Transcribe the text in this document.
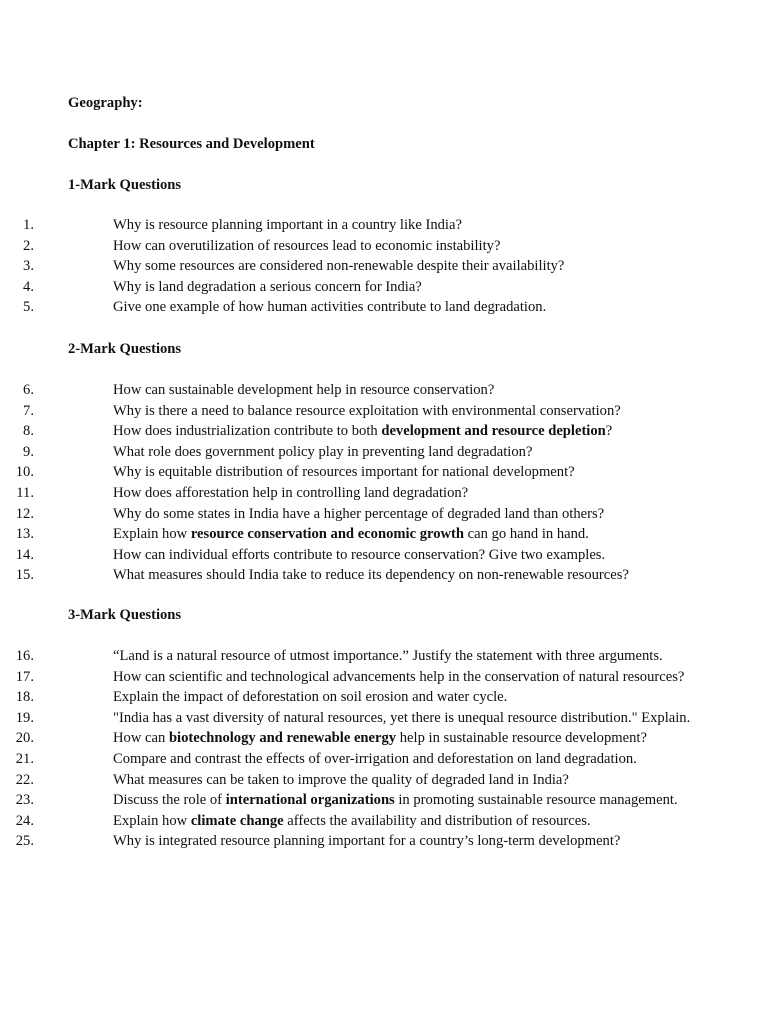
Geography:
Chapter 1: Resources and Development
1-Mark Questions
1.	Why is resource planning important in a country like India?
2.	How can overutilization of resources lead to economic instability?
3.	Why some resources are considered non-renewable despite their availability?
4.	Why is land degradation a serious concern for India?
5.	Give one example of how human activities contribute to land degradation.
2-Mark Questions
6.	How can sustainable development help in resource conservation?
7.	Why is there a need to balance resource exploitation with environmental conservation?
8.	How does industrialization contribute to both development and resource depletion?
9.	What role does government policy play in preventing land degradation?
10.	Why is equitable distribution of resources important for national development?
11.	How does afforestation help in controlling land degradation?
12.	Why do some states in India have a higher percentage of degraded land than others?
13.	Explain how resource conservation and economic growth can go hand in hand.
14.	How can individual efforts contribute to resource conservation? Give two examples.
15.	What measures should India take to reduce its dependency on non-renewable resources?
3-Mark Questions
16.	“Land is a natural resource of utmost importance.” Justify the statement with three arguments.
17.	How can scientific and technological advancements help in the conservation of natural resources?
18.	Explain the impact of deforestation on soil erosion and water cycle.
19.	"India has a vast diversity of natural resources, yet there is unequal resource distribution." Explain.
20.	How can biotechnology and renewable energy help in sustainable resource development?
21.	Compare and contrast the effects of over-irrigation and deforestation on land degradation.
22.	What measures can be taken to improve the quality of degraded land in India?
23.	Discuss the role of international organizations in promoting sustainable resource management.
24.	Explain how climate change affects the availability and distribution of resources.
25.	Why is integrated resource planning important for a country’s long-term development?
